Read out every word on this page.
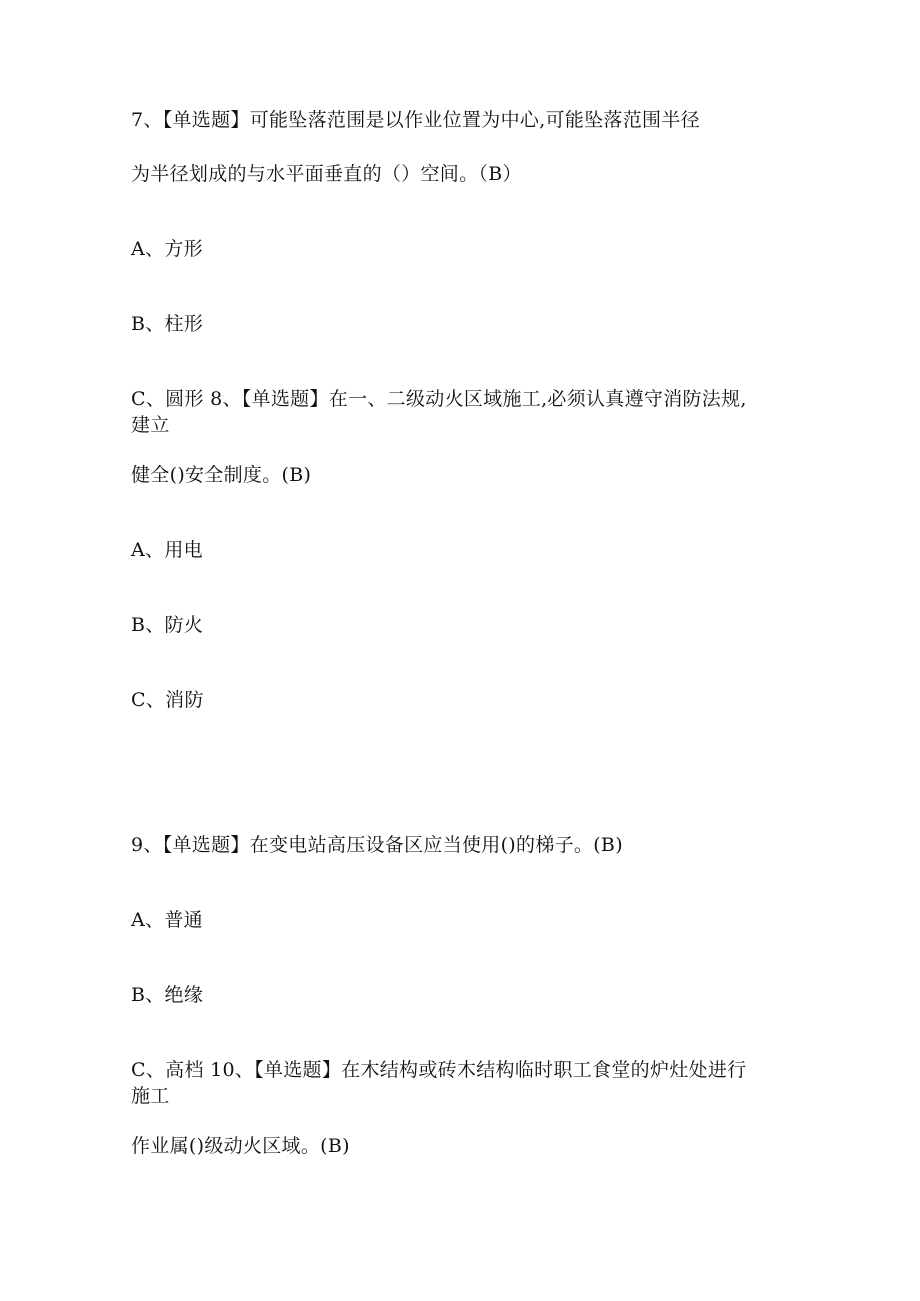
7、【单选题】可能坠落范围是以作业位置为中心,可能坠落范围半径
为半径划成的与水平面垂直的（）空间。（B）
A、方形
B、柱形
C、圆形 8、【单选题】在一、二级动火区域施工,必须认真遵守消防法规,
建立
健全()安全制度。(B)
A、用电
B、防火
C、消防
9、【单选题】在变电站高压设备区应当使用()的梯子。(B)
A、普通
B、绝缘
C、高档 10、【单选题】在木结构或砖木结构临时职工食堂的炉灶处进行
施工
作业属()级动火区域。(B)
